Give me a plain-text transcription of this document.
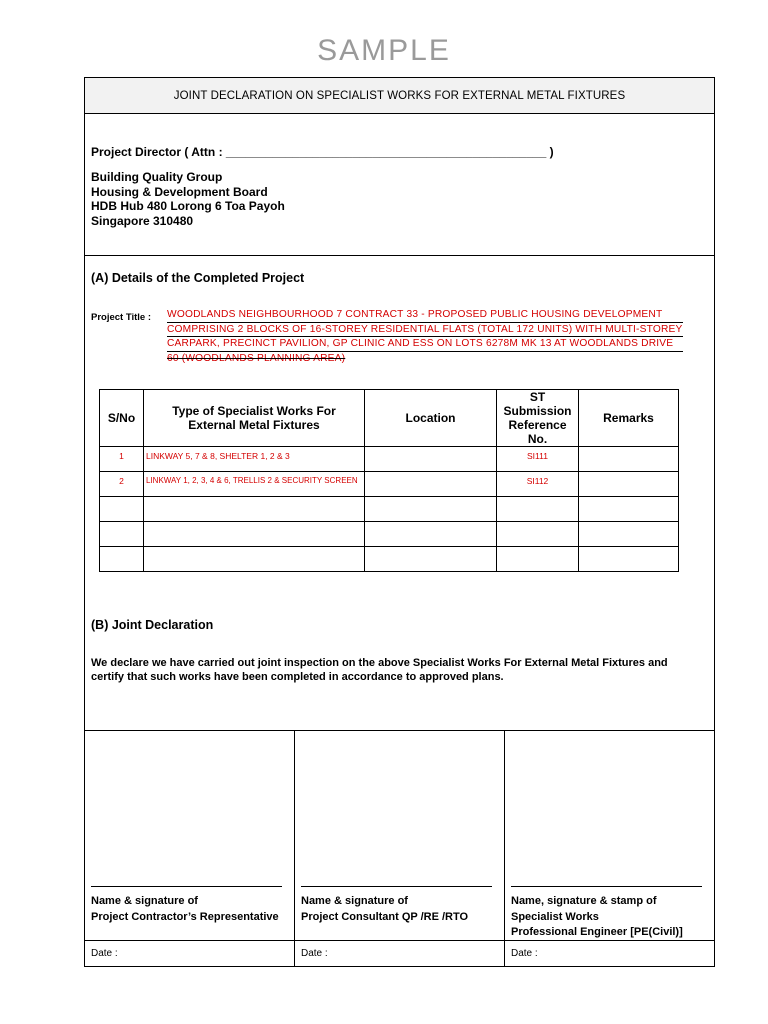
SAMPLE
JOINT DECLARATION ON SPECIALIST WORKS FOR EXTERNAL METAL FIXTURES
Project Director ( Attn : ________________________________________________ )
Building Quality Group
Housing & Development Board
HDB Hub 480 Lorong 6 Toa Payoh
Singapore 310480
(A) Details of the Completed Project
Project Title : WOODLANDS NEIGHBOURHOOD 7 CONTRACT 33 - PROPOSED PUBLIC HOUSING DEVELOPMENT
COMPRISING 2 BLOCKS OF 16-STOREY RESIDENTIAL FLATS (TOTAL 172 UNITS) WITH MULTI-STOREY
CARPARK, PRECINCT PAVILION, GP CLINIC AND ESS ON LOTS 6278M MK 13 AT WOODLANDS DRIVE
60 (WOODLANDS PLANNING AREA)
S/No	Type of Specialist Works For External Metal Fixtures	Location	ST Submission Reference No.	Remarks
1	LINKWAY 5, 7 & 8, SHELTER 1, 2 & 3		SI111	
2	LINKWAY 1, 2, 3, 4 & 6, TRELLIS 2 & SECURITY SCREEN		SI112	

(B) Joint Declaration
We declare we have carried out joint inspection on the above Specialist Works For External Metal Fixtures and
certify that such works have been completed in accordance to approved plans.
Name & signature of
Project Contractor’s Representative
Name & signature of
Project Consultant QP /RE /RTO
Name, signature & stamp of
Specialist Works
Professional Engineer [PE(Civil)]
Date :	Date :	Date :
